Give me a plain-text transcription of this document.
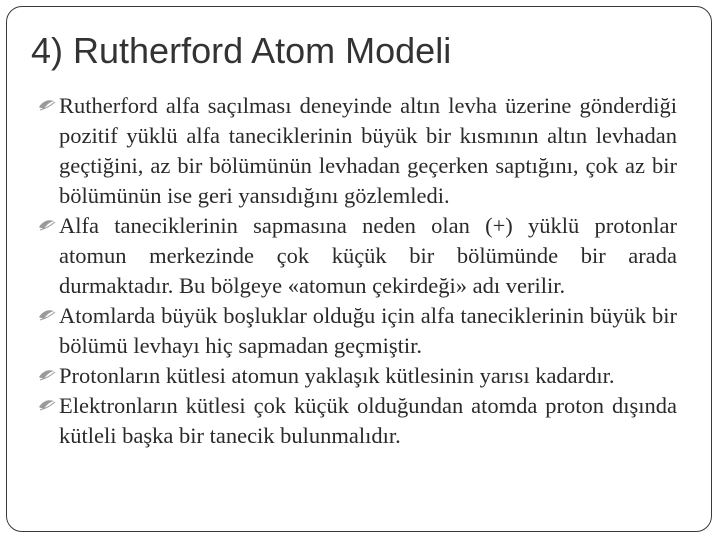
4) Rutherford Atom Modeli
Rutherford alfa saçılması deneyinde altın levha üzerine gönderdiği pozitif yüklü alfa taneciklerinin büyük bir kısmının altın levhadan geçtiğini, az bir bölümünün levhadan geçerken saptığını, çok az bir bölümünün ise geri yansıdığını gözlemledi.
Alfa taneciklerinin sapmasına neden olan (+) yüklü protonlar atomun merkezinde çok küçük bir bölümünde bir arada durmaktadır. Bu bölgeye «atomun çekirdeği» adı verilir.
Atomlarda büyük boşluklar olduğu için alfa taneciklerinin büyük bir bölümü levhayı hiç sapmadan geçmiştir.
Protonların kütlesi atomun yaklaşık kütlesinin yarısı kadardır.
Elektronların kütlesi çok küçük olduğundan atomda proton dışında kütleli başka bir tanecik bulunmalıdır.
